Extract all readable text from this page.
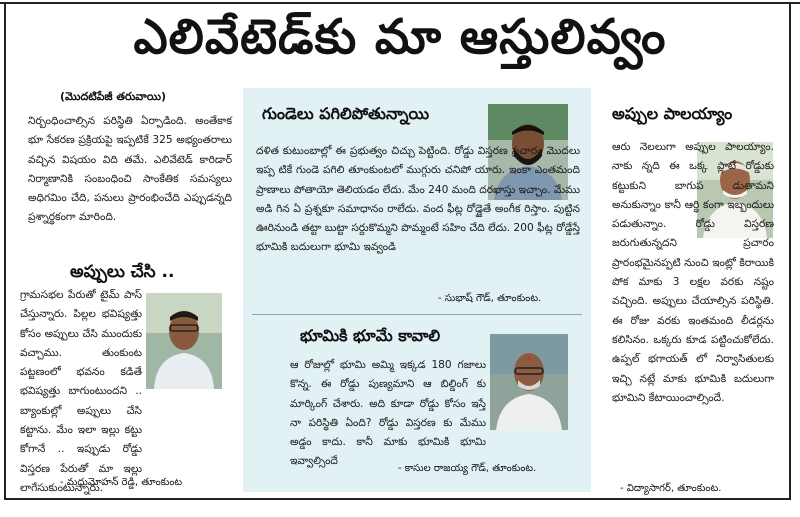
ఎలివేటెడ్‌కు మా ఆస్తులివ్వం
(మొదటిపేజీ తరువాయి)

నిర్బంధించాల్సిన పరిస్థితి ఏర్పాడింది. అంతేకాక భూ సేకరణ ప్రక్రియపై ఇప్పటికే 325 అభ్యంతరాలు వచ్చిన విషయం విది తమే. ఎలివేటెడ్ కారిడార్ నిర్మాణానికి సంబంధించి సాంకేతిక సమస్యలు అధిగమిం చేది, పనులు ప్రారంభించేది ఎప్పుడన్నది ప్రశ్నార్థకంగా మారింది.

అప్పులు చేసి ..

గ్రామసభల పేరుతో టైమ్ పాస్ చేస్తున్నారు. పిల్లల భవిష్యత్తు కోసం అప్పులు చేసి ముందుకు వచ్చాము. తుంకుంట పట్టణంలో భవనం కడితే భవిష్యత్తు బాగుంటుందని .. బ్యాంకుల్లో అప్పులు చేసి కట్టాను. మేం ఇలా ఇల్లు కట్టు కోగానే .. ఇప్పుడు రోడ్డు విస్తరణ పేరుతో మా ఇల్లు లాగేసుకుంటున్నారు.

- మధుమోహన్ రెడ్డి, తూంకుంట
గుండెలు పగిలిపోతున్నాయి

దళిత కుటుంబాల్లో ఈ ప్రభుత్వం చిచ్చు పెట్టింది. రోడ్డు విస్తరణ ప్రచారం మొదలు ఇప్ప టికే గుండె పగిలి తూంకుంటలో ముగ్గురు చనిపో యారు. ఇంకా ఎంతమంది ప్రాణాలు పోతాయో తెలియడం లేదు. మేం 240 మంది దరఖాస్తు ఇచ్చాం. మేము అడి గిన ఏ ప్రశ్నకూ సమాధానం రాలేదు. వంద ఫీట్ల రోడ్డైతే అంగీక రిస్తాం. పుట్టిన ఊరినుండి తట్టా బుట్టా సర్దుకొమ్మని పొమ్మంటే సహిం చేది లేదు. 200 ఫీట్ల రోడ్డేస్తే భూమికి బదులుగా భూమి ఇవ్వండి

- సుభాష్ గౌడ్, తూంకుంట.
భూమికి భూమే కావాలి

ఆ రోజుల్లో భూమి అమ్మి ఇక్కడ 180 గజాలు కొన్న. ఈ రోడ్డు పుణ్యమాని ఆ బిల్డింగ్ కు మార్కింగ్ చేశారు. అది కూడా రోడ్డు కోసం ఇస్తే నా పరిస్థితి ఏంది? రోడ్డు విస్తరణ కు మేము అడ్డం కాదు. కానీ మాకు భూమికి భూమి ఇవ్వాల్సిందే

- కాసుల రాజయ్య గౌడ్, తూంకుంట.
అప్పుల పాలయ్యాం

ఆరు నెలలుగా అప్పుల పాలయ్యాం. నాకు న్నది ఈ ఒక్క ప్లాటే రోడ్డుకు కట్టుకుని బాగుప డుతామని అనుకున్నాం కానీ ఆర్థి కంగా ఇబ్బందులు పడుతున్నాం. రోడ్డు విస్తరణ జరుగుతున్నదని ప్రచారం ప్రారంభమైనప్పటి నుంచి ఇంట్లో కిరాయికి పోక మాకు 3 లక్షల వరకు నష్టం వచ్చింది. అప్పులు చేయాల్సిన పరిస్థితి. ఈ రోజు వరకు ఇంతమంది లీడర్లను కలిసినం. ఒక్కరు కూడ పట్టించుకోలేదు. ఉప్పల్ భగాయత్ లో నిర్వాసితులకు ఇచ్చి నట్లే మాకు భూమికి బదులుగా భూమిని కేటాయించాల్సిందే.

- విద్యాసాగర్, తూంకుంట.
